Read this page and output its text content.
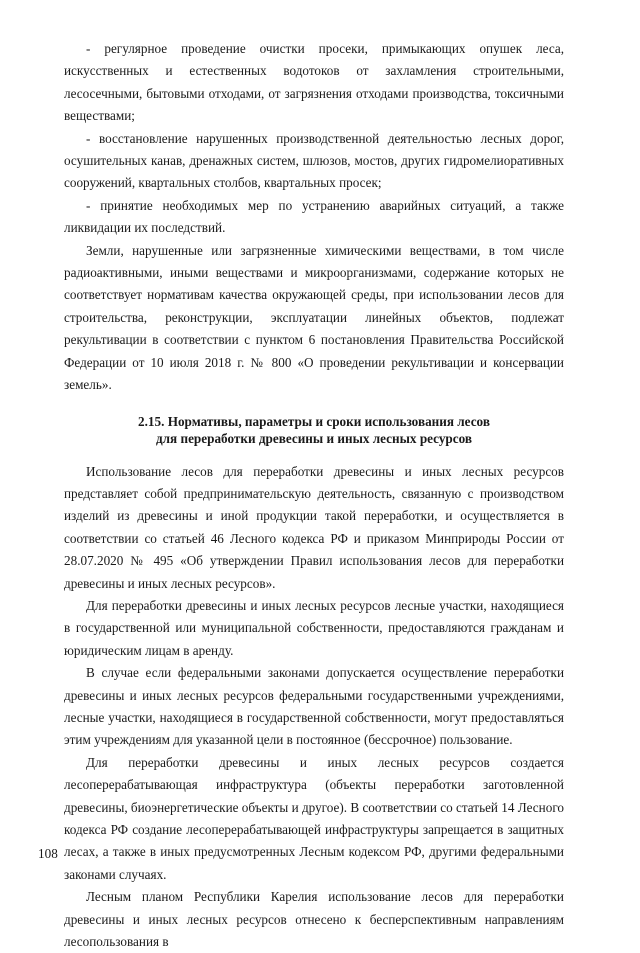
- регулярное проведение очистки просеки, примыкающих опушек леса, искусственных и естественных водотоков от захламления строительными, лесосечными, бытовыми отходами, от загрязнения отходами производства, токсичными веществами;

- восстановление нарушенных производственной деятельностью лесных дорог, осушительных канав, дренажных систем, шлюзов, мостов, других гидромелиоративных сооружений, квартальных столбов, квартальных просек;

- принятие необходимых мер по устранению аварийных ситуаций, а также ликвидации их последствий.

Земли, нарушенные или загрязненные химическими веществами, в том числе радиоактивными, иными веществами и микроорганизмами, содержание которых не соответствует нормативам качества окружающей среды, при использовании лесов для строительства, реконструкции, эксплуатации линейных объектов, подлежат рекультивации в соответствии с пунктом 6 постановления Правительства Российской Федерации от 10 июля 2018 г. № 800 «О проведении рекультивации и консервации земель».

2.15. Нормативы, параметры и сроки использования лесов
для переработки древесины и иных лесных ресурсов

Использование лесов для переработки древесины и иных лесных ресурсов представляет собой предпринимательскую деятельность, связанную с производством изделий из древесины и иной продукции такой переработки, и осуществляется в соответствии со статьей 46 Лесного кодекса РФ и приказом Минприроды России от 28.07.2020 № 495 «Об утверждении Правил использования лесов для переработки древесины и иных лесных ресурсов».

Для переработки древесины и иных лесных ресурсов лесные участки, находящиеся в государственной или муниципальной собственности, предоставляются гражданам и юридическим лицам в аренду.

В случае если федеральными законами допускается осуществление переработки древесины и иных лесных ресурсов федеральными государственными учреждениями, лесные участки, находящиеся в государственной собственности, могут предоставляться этим учреждениям для указанной цели в постоянное (бессрочное) пользование.

Для переработки древесины и иных лесных ресурсов создается лесоперерабатывающая инфраструктура (объекты переработки заготовленной древесины, биоэнергетические объекты и другое). В соответствии со статьей 14 Лесного кодекса РФ создание лесоперерабатывающей инфраструктуры запрещается в защитных лесах, а также в иных предусмотренных Лесным кодексом РФ, другими федеральными законами случаях.

Лесным планом Республики Карелия использование лесов для переработки древесины и иных лесных ресурсов отнесено к бесперспективным направлениям лесопользования в

108
